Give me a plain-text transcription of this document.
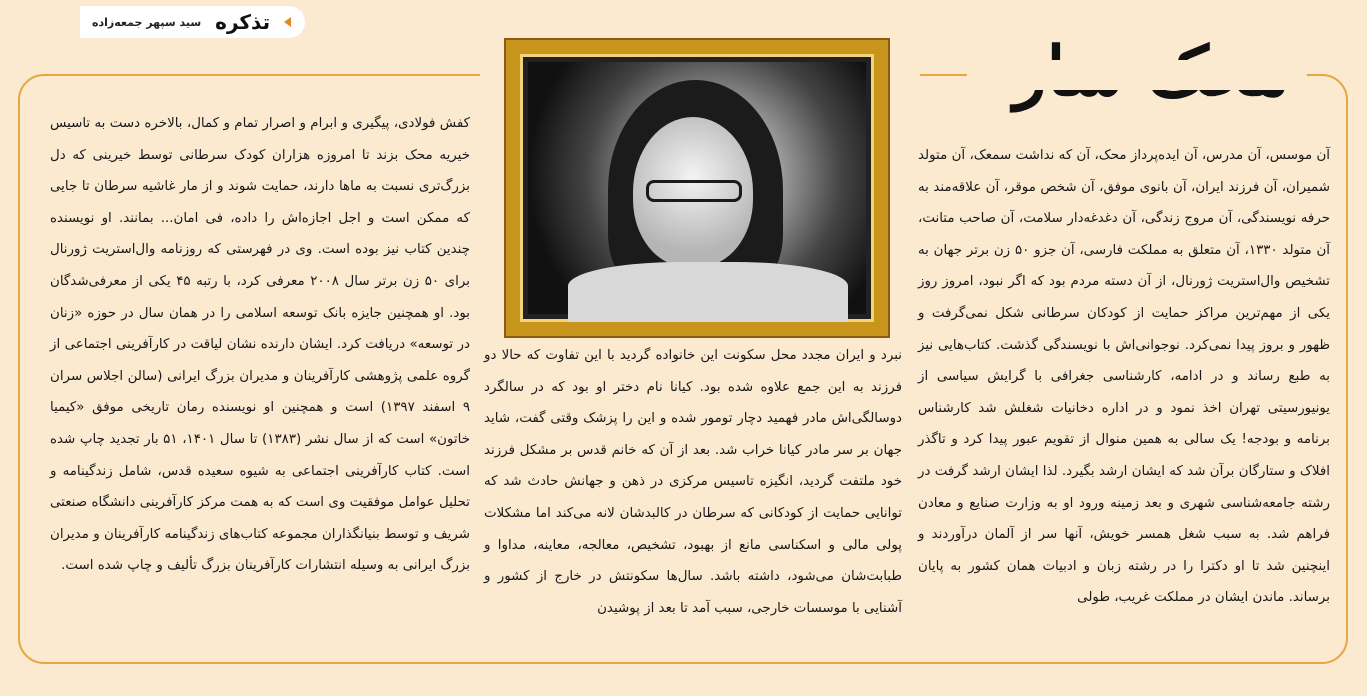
سید سپهر جمعه‌زاده تذکره
آن موسس، آن مدرس، آن ایده‌پرداز محک، آن که نداشت سمعک، آن متولد شمیران، آن فرزند ایران، آن بانوی موفق، آن شخص موقر، آن علاقه‌مند به حرفه نویسندگی، آن مروج زندگی، آن دغدغه‌دار سلامت، آن صاحب متانت، آن متولد ۱۳۳۰، آن متعلق به مملکت فارسی، آن جزو ۵۰ زن برتر جهان به تشخیص وال‌استریت ژورنال، از آن دسته مردم بود که اگر نبود، امروز روز یکی از مهم‌ترین مراکز حمایت از کودکان سرطانی شکل نمی‌گرفت و ظهور و بروز پیدا نمی‌کرد. نوجوانی‌اش با نویسندگی گذشت. کتاب‌هایی نیز به طبع رساند و در ادامه، کارشناسی جغرافی با گرایش سیاسی از یونیورسیتی تهران اخذ نمود و در اداره دخانیات شغلش شد کارشناس برنامه و بودجه! یک سالی به همین منوال از تقویم عبور پیدا کرد و تاگذر افلاک و ستارگان برآن شد که ایشان ارشد بگیرد. لذا ایشان ارشد گرفت در رشته جامعه‌شناسی شهری و بعد زمینه ورود او به وزارت صنایع و معادن فراهم شد. به سبب شغل همسر خویش، آنها سر از آلمان درآوردند و اینچنین شد تا او دکترا را در رشته زبان و ادبیات همان کشور به پایان برساند. ماندن ایشان در مملکت غریب، طولی
نبرد و ایران مجدد محل سکونت این خانواده گردید با این تفاوت که حالا دو فرزند به این جمع علاوه شده بود. کیانا نام دختر او بود که در سالگرد دوسالگی‌اش مادر فهمید دچار تومور شده و این را پزشک وقتی گفت، شاید جهان بر سر مادر کیانا خراب شد. بعد از آن که خانم قدس بر مشکل فرزند خود ملتفت گردید، انگیزه تاسیس مرکزی در ذهن و جهانش حادث شد که توانایی حمایت از کودکانی که سرطان در کالبدشان لانه می‌کند اما مشکلات پولی مالی و اسکناسی مانع از بهبود، تشخیص، معالجه، معاینه، مداوا و طبابت‌شان می‌شود، داشته باشد. سال‌ها سکونتش در خارج از کشور و آشنایی با موسسات خارجی، سبب آمد تا بعد از پوشیدن
کفش فولادی، پیگیری و ابرام و اصرار تمام و کمال، بالاخره دست به تاسیس خیریه محک بزند تا امروزه هزاران کودک سرطانی توسط خیرینی که دل بزرگ‌تری نسبت به ماها دارند، حمایت شوند و از مار غاشیه سرطان تا جایی که ممکن است و اجل اجازه‌اش را داده، فی امان... بمانند. او نویسنده چندین کتاب نیز بوده است. وی در فهرستی که روزنامه وال‌استریت ژورنال برای ۵۰ زن برتر سال ۲۰۰۸ معرفی کرد، با رتبه ۴۵ یکی از معرفی‌شدگان بود. او همچنین جایزه بانک توسعه اسلامی را در همان سال در حوزه «زنان در توسعه» دریافت کرد. ایشان دارنده نشان لیاقت در کارآفرینی اجتماعی از گروه علمی پژوهشی کارآفرینان و مدیران بزرگ ایرانی (سالن اجلاس سران ۹ اسفند ۱۳۹۷) است و همچنین او نویسنده رمان تاریخی موفق «کیمیا خاتون» است که از سال نشر (۱۳۸۳) تا سال ۱۴۰۱، ۵۱ بار تجدید چاپ شده است. کتاب کارآفرینی اجتماعی به شیوه سعیده قدس، شامل زندگینامه و تحلیل عوامل موفقیت وی است که به همت مرکز کارآفرینی دانشگاه صنعتی شریف و توسط بنیانگذاران مجموعه کتاب‌های زندگینامه کارآفرینان و مدیران بزرگ ایرانی به وسیله انتشارات کارآفرینان بزرگ تألیف و چاپ شده است.
